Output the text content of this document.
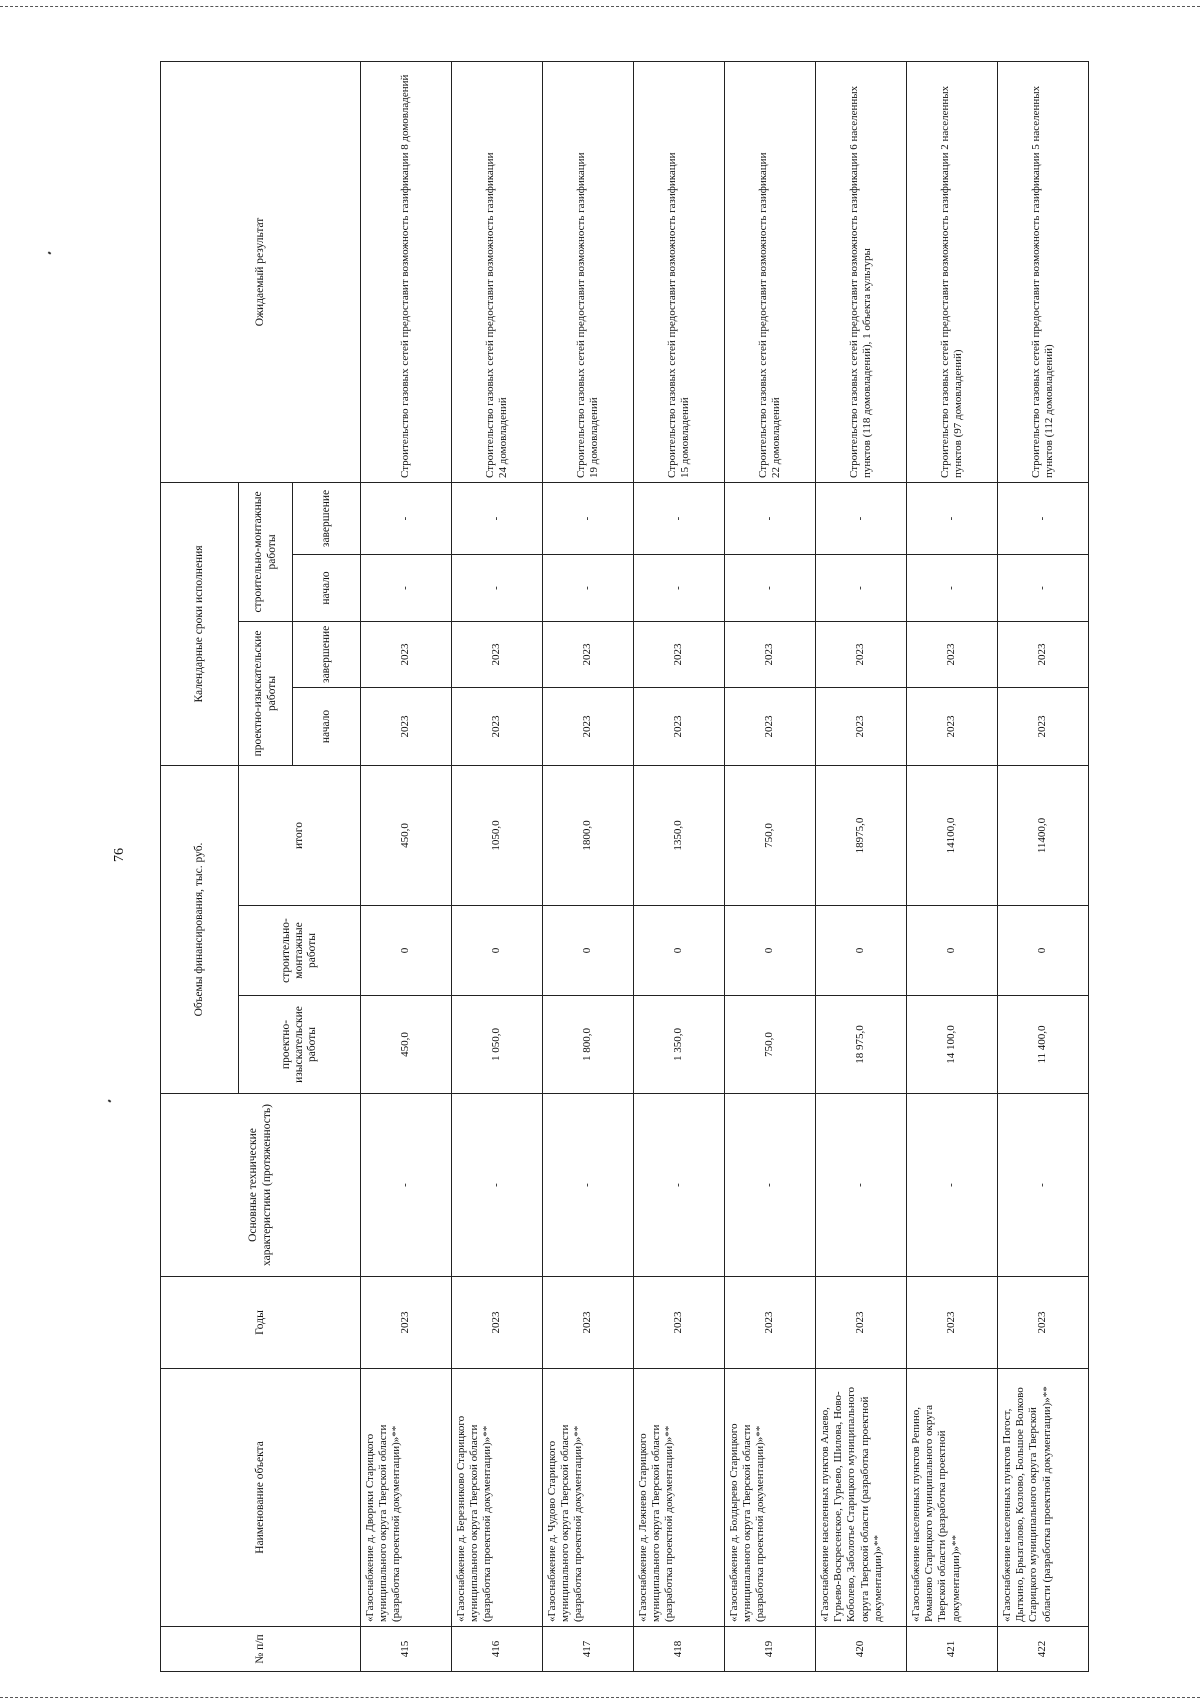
76
№ п/п	Наименование объекта	Годы	Основные технические характеристики (протяженность)	Объемы финансирования, тыс. руб.			Календарные сроки исполнения				Ожидаемый результат
				проектно-изыскательские работы	строительно-монтажные работы	итого	проектно-изыскательские работы		строительно-монтажные работы		
							начало	завершение	начало	завершение	
415	«Газоснабжение д. Дворики Старицкого муниципального округа Тверской области (разработка проектной документации)»**	2023	-	450,0	0	450,0	2023	2023	-	-	Строительство газовых сетей предоставит возможность газификации 8 домовладений
416	«Газоснабжение д. Березниково Старицкого муниципального округа Тверской области (разработка проектной документации)»**	2023	-	1 050,0	0	1050,0	2023	2023	-	-	Строительство газовых сетей предоставит возможность газификации
24 домовладений
417	«Газоснабжение д. Чудово Старицкого муниципального округа Тверской области (разработка проектной документации)»**	2023	-	1 800,0	0	1800,0	2023	2023	-	-	Строительство газовых сетей предоставит возможность газификации
19 домовладений
418	«Газоснабжение д. Лежнево Старицкого муниципального округа Тверской области (разработка проектной документации)»**	2023	-	1 350,0	0	1350,0	2023	2023	-	-	Строительство газовых сетей предоставит возможность газификации
15 домовладений
419	«Газоснабжение д. Болдырево Старицкого муниципального округа Тверской области (разработка проектной документации)»**	2023	-	750,0	0	750,0	2023	2023	-	-	Строительство газовых сетей предоставит возможность газификации
22 домовладений
420	«Газоснабжение населенных пунктов Алаево, Гурьево-Воскресенское, Гурьево, Шилова, Ново-Коболево, Заболотье Старицкого муниципального округа Тверской области (разработка проектной документации)»**	2023	-	18 975,0	0	18975,0	2023	2023	-	-	Строительство газовых сетей предоставит возможность газификации 6 населенных пунктов (118 домовладений), 1 объекта культуры
421	«Газоснабжение населенных пунктов Репино, Романово Старицкого муниципального округа Тверской области (разработка проектной документации)»**	2023	-	14 100,0	0	14100,0	2023	2023	-	-	Строительство газовых сетей предоставит возможность газификации 2 населенных пунктов (97 домовладений)
422	«Газоснабжение населенных пунктов Погост, Дыткино, Брызгалово, Козлово, Большое Волково Старицкого муниципального округа Тверской области (разработка проектной документации)»**	2023	-	11 400,0	0	11400,0	2023	2023	-	-	Строительство газовых сетей предоставит возможность газификации 5 населенных пунктов (112 домовладений)
